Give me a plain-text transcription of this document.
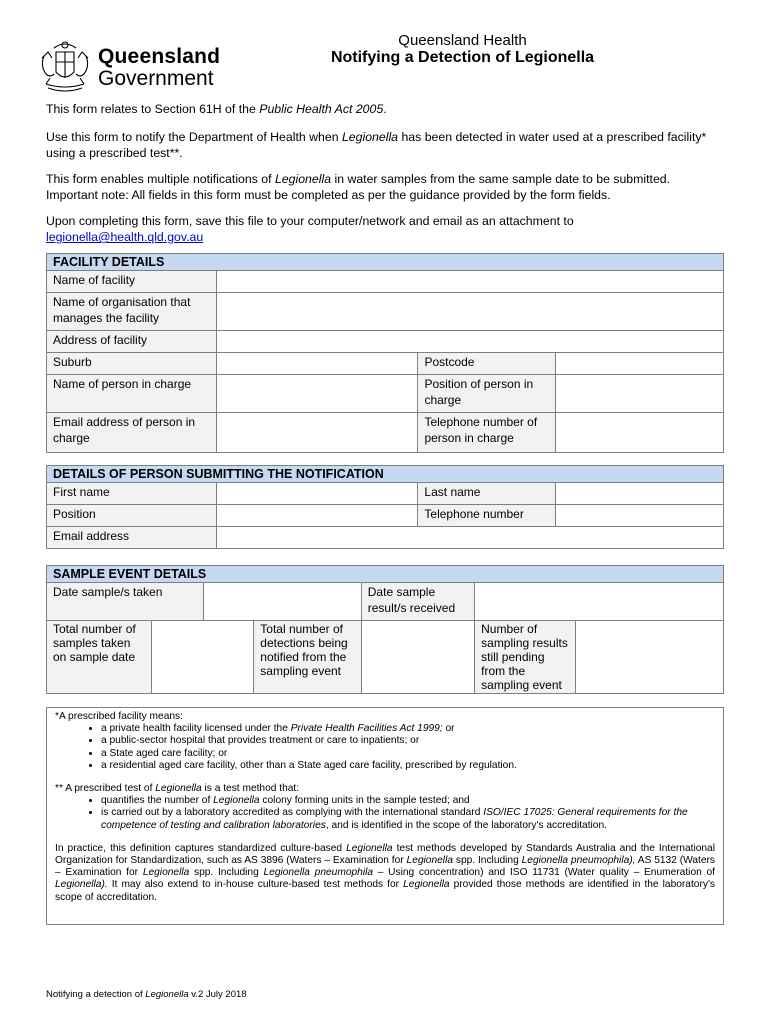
Queensland
Government
Queensland Health
Notifying a Detection of Legionella
This form relates to Section 61H of the Public Health Act 2005.
Use this form to notify the Department of Health when Legionella has been detected in water used at a prescribed facility* using a prescribed test**.
This form enables multiple notifications of Legionella in water samples from the same sample date to be submitted.
Important note: All fields in this form must be completed as per the guidance provided by the form fields.
Upon completing this form, save this file to your computer/network and email as an attachment to
legionella@health.qld.gov.au
FACILITY DETAILS			
Name of facility			
Name of organisation that manages the facility			
Address of facility			
Suburb		Postcode	
Name of person in charge		Position of person in charge	
Email address of person in charge		Telephone number of person in charge	
DETAILS OF PERSON SUBMITTING THE NOTIFICATION			
First name		Last name	
Position		Telephone number	
Email address			
SAMPLE EVENT DETAILS						
Date sample/s taken				Date sample result/s received		
Total number of samples taken on sample date			Total number of detections being notified from the sampling event		Number of sampling results still pending from the sampling event	

*A prescribed facility means:

• a private health facility licensed under the Private Health Facilities Act 1999; or
• a public-sector hospital that provides treatment or care to inpatients; or
• a State aged care facility; or
• a residential aged care facility, other than a State aged care facility, prescribed by regulation.

** A prescribed test of Legionella is a test method that:

• quantifies the number of Legionella colony forming units in the sample tested; and
• is carried out by a laboratory accredited as complying with the international standard ISO/IEC 17025: General requirements for the competence of testing and calibration laboratories, and is identified in the scope of the laboratory's accreditation.

In practice, this definition captures standardized culture-based Legionella test methods developed by Standards Australia and the International Organization for Standardization, such as AS 3896 (Waters – Examination for Legionella spp. Including Legionella pneumophila), AS 5132 (Waters – Examination for Legionella spp. Including Legionella pneumophila – Using concentration) and ISO 11731 (Water quality – Enumeration of Legionella). It may also extend to in-house culture-based test methods for Legionella provided those methods are identified in the laboratory's scope of accreditation.

Notifying a detection of Legionella v.2 July 2018
